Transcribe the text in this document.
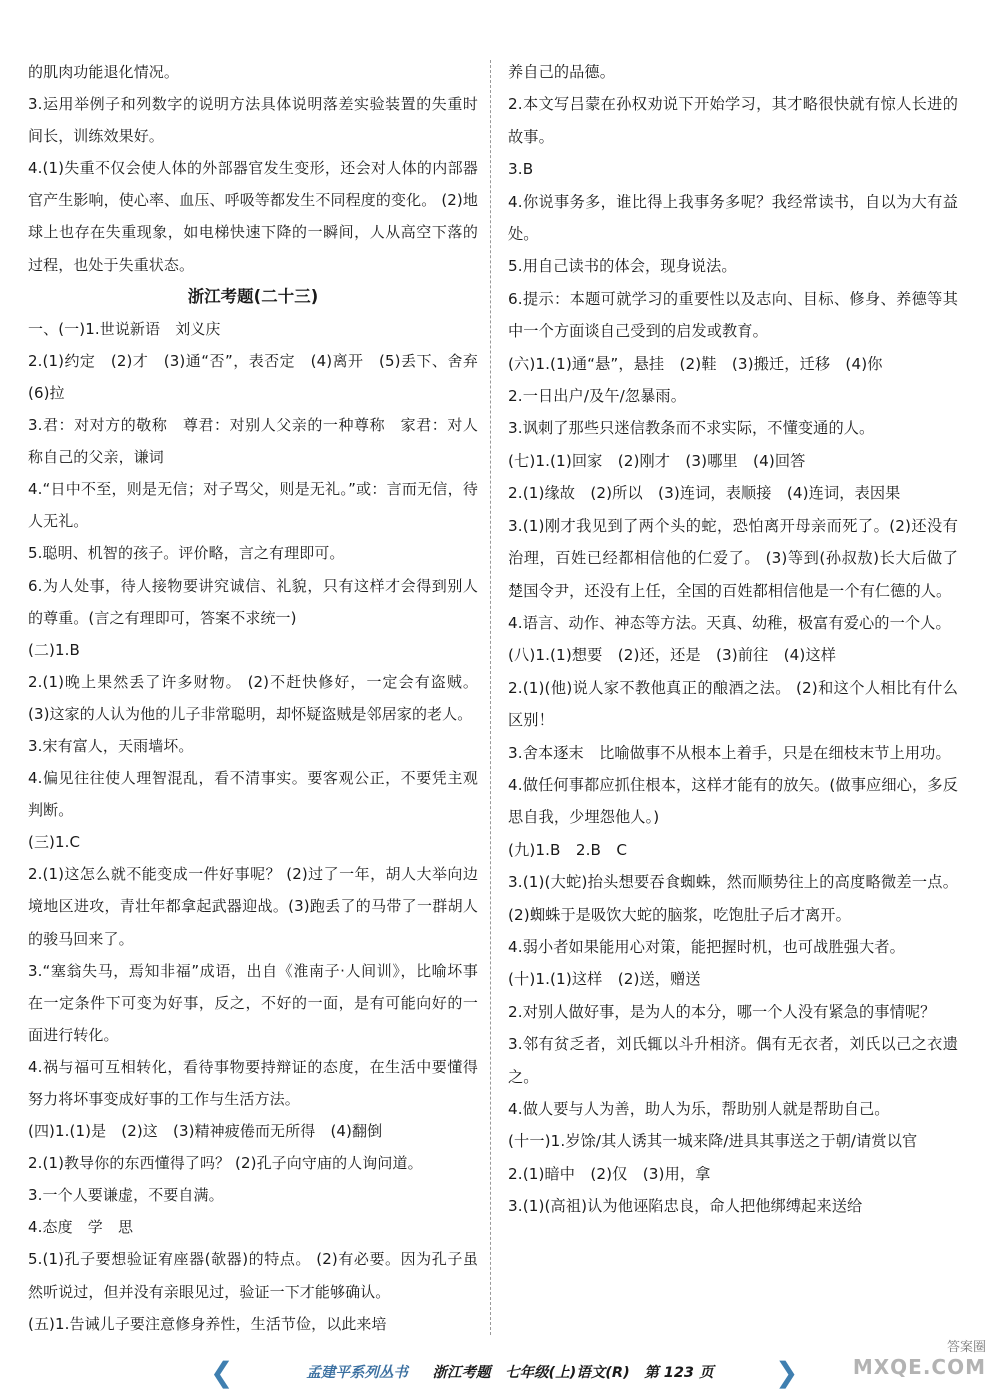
的肌肉功能退化情况。

3.运用举例子和列数字的说明方法具体说明落差实验装置的失重时间长，训练效果好。

4.(1)失重不仅会使人体的外部器官发生变形，还会对人体的内部器官产生影响，使心率、血压、呼吸等都发生不同程度的变化。 (2)地球上也存在失重现象，如电梯快速下降的一瞬间，人从高空下落的过程，也处于失重状态。

浙江考题(二十三)

一、(一)1.世说新语　刘义庆

2.(1)约定　(2)才　(3)通“否”，表否定　(4)离开　(5)丢下、舍弃　(6)拉

3.君：对对方的敬称　尊君：对别人父亲的一种尊称　家君：对人称自己的父亲，谦词

4.“日中不至，则是无信；对子骂父，则是无礼。”或：言而无信，待人无礼。

5.聪明、机智的孩子。评价略，言之有理即可。

6.为人处事，待人接物要讲究诚信、礼貌，只有这样才会得到别人的尊重。(言之有理即可，答案不求统一)

(二)1.B

2.(1)晚上果然丢了许多财物。 (2)不赶快修好，一定会有盗贼。 (3)这家的人认为他的儿子非常聪明，却怀疑盗贼是邻居家的老人。

3.宋有富人，天雨墙坏。

4.偏见往往使人理智混乱，看不清事实。要客观公正，不要凭主观判断。

(三)1.C

2.(1)这怎么就不能变成一件好事呢？ (2)过了一年，胡人大举向边境地区进攻，青壮年都拿起武器迎战。(3)跑丢了的马带了一群胡人的骏马回来了。

3.“塞翁失马，焉知非福”成语，出自《淮南子·人间训》，比喻坏事在一定条件下可变为好事，反之，不好的一面，是有可能向好的一面进行转化。

4.祸与福可互相转化，看待事物要持辩证的态度，在生活中要懂得努力将坏事变成好事的工作与生活方法。

(四)1.(1)是　(2)这　(3)精神疲倦而无所得　(4)翻倒

2.(1)教导你的东西懂得了吗？ (2)孔子向守庙的人询问道。

3.一个人要谦虚，不要自满。

4.态度　学　思

5.(1)孔子要想验证宥座器(欹器)的特点。 (2)有必要。因为孔子虽然听说过，但并没有亲眼见过，验证一下才能够确认。

(五)1.告诫儿子要注意修身养性，生活节俭，以此来培

养自己的品德。

2.本文写吕蒙在孙权劝说下开始学习，其才略很快就有惊人长进的故事。

3.B

4.你说事务多，谁比得上我事务多呢？我经常读书，自以为大有益处。

5.用自己读书的体会，现身说法。

6.提示：本题可就学习的重要性以及志向、目标、修身、养德等其中一个方面谈自己受到的启发或教育。

(六)1.(1)通“悬”，悬挂　(2)鞋　(3)搬迁，迁移　(4)你

2.一日出户/及午/忽暴雨。

3.讽刺了那些只迷信教条而不求实际，不懂变通的人。

(七)1.(1)回家　(2)刚才　(3)哪里　(4)回答

2.(1)缘故　(2)所以　(3)连词，表顺接　(4)连词，表因果

3.(1)刚才我见到了两个头的蛇，恐怕离开母亲而死了。(2)还没有治理，百姓已经都相信他的仁爱了。 (3)等到(孙叔敖)长大后做了楚国令尹，还没有上任，全国的百姓都相信他是一个有仁德的人。

4.语言、动作、神态等方法。天真、幼稚，极富有爱心的一个人。

(八)1.(1)想要　(2)还，还是　(3)前往　(4)这样

2.(1)(他)说人家不教他真正的酿酒之法。 (2)和这个人相比有什么区别！

3.舍本逐末　比喻做事不从根本上着手，只是在细枝末节上用功。

4.做任何事都应抓住根本，这样才能有的放矢。(做事应细心，多反思自我，少埋怨他人。)

(九)1.B　2.B　C

3.(1)(大蛇)抬头想要吞食蜘蛛，然而顺势往上的高度略微差一点。 (2)蜘蛛于是吸饮大蛇的脑浆，吃饱肚子后才离开。

4.弱小者如果能用心对策，能把握时机，也可战胜强大者。

(十)1.(1)这样　(2)送，赠送

2.对别人做好事，是为人的本分，哪一个人没有紧急的事情呢？

3.邻有贫乏者，刘氏辄以斗升相济。偶有无衣者，刘氏以己之衣遗之。

4.做人要与人为善，助人为乐，帮助别人就是帮助自己。

(十一)1.岁馀/其人诱其一城来降/进具其事送之于朝/请赏以官

2.(1)暗中　(2)仅　(3)用，拿

3.(1)(高祖)认为他诬陷忠良，命人把他绑缚起来送给

❮	孟建平系列丛书 　 浙江考题　七年级(上)语文(R)　第 123 页	❯
答案圈
MXQE.COM
